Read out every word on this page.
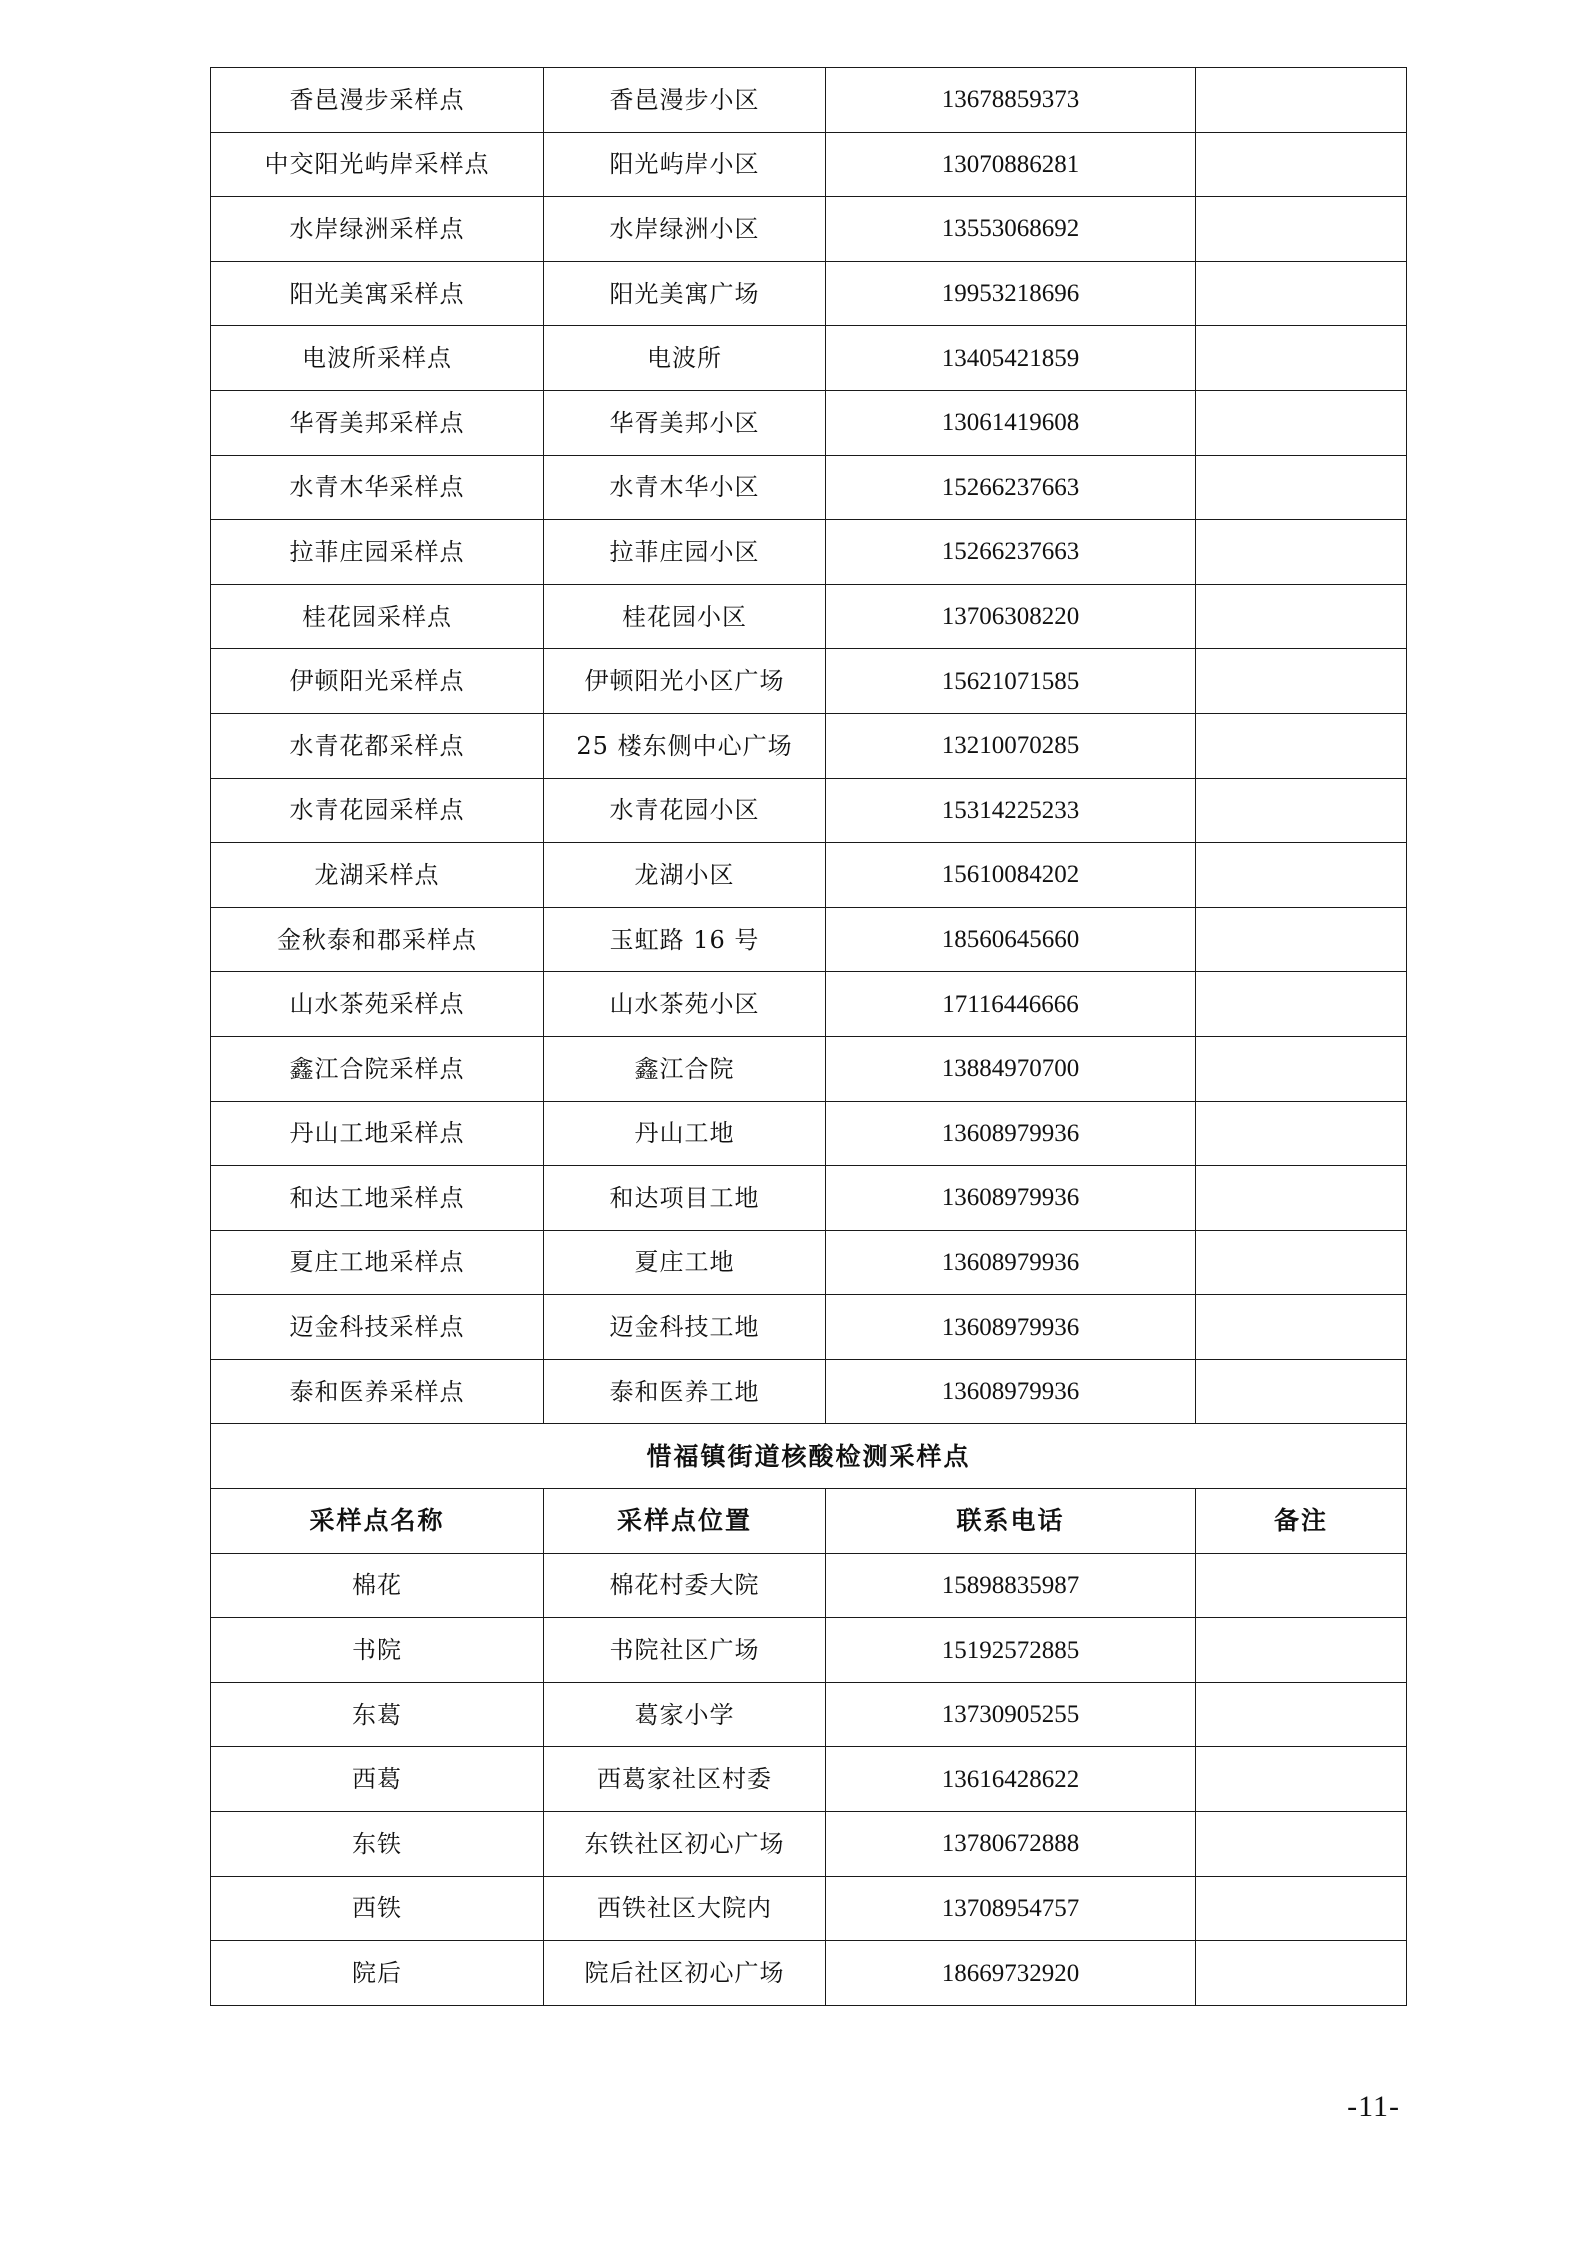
香邑漫步采样点	香邑漫步小区	13678859373	
中交阳光屿岸采样点	阳光屿岸小区	13070886281	
水岸绿洲采样点	水岸绿洲小区	13553068692	
阳光美寓采样点	阳光美寓广场	19953218696	
电波所采样点	电波所	13405421859	
华胥美邦采样点	华胥美邦小区	13061419608	
水青木华采样点	水青木华小区	15266237663	
拉菲庄园采样点	拉菲庄园小区	15266237663	
桂花园采样点	桂花园小区	13706308220	
伊顿阳光采样点	伊顿阳光小区广场	15621071585	
水青花都采样点	25 楼东侧中心广场	13210070285	
水青花园采样点	水青花园小区	15314225233	
龙湖采样点	龙湖小区	15610084202	
金秋泰和郡采样点	玉虹路 16 号	18560645660	
山水茶苑采样点	山水茶苑小区	17116446666	
鑫江合院采样点	鑫江合院	13884970700	
丹山工地采样点	丹山工地	13608979936	
和达工地采样点	和达项目工地	13608979936	
夏庄工地采样点	夏庄工地	13608979936	
迈金科技采样点	迈金科技工地	13608979936	
泰和医养采样点	泰和医养工地	13608979936	
惜福镇街道核酸检测采样点			
采样点名称	采样点位置	联系电话	备注
棉花	棉花村委大院	15898835987	
书院	书院社区广场	15192572885	
东葛	葛家小学	13730905255	
西葛	西葛家社区村委	13616428622	
东铁	东铁社区初心广场	13780672888	
西铁	西铁社区大院内	13708954757	
院后	院后社区初心广场	18669732920	
-11-
